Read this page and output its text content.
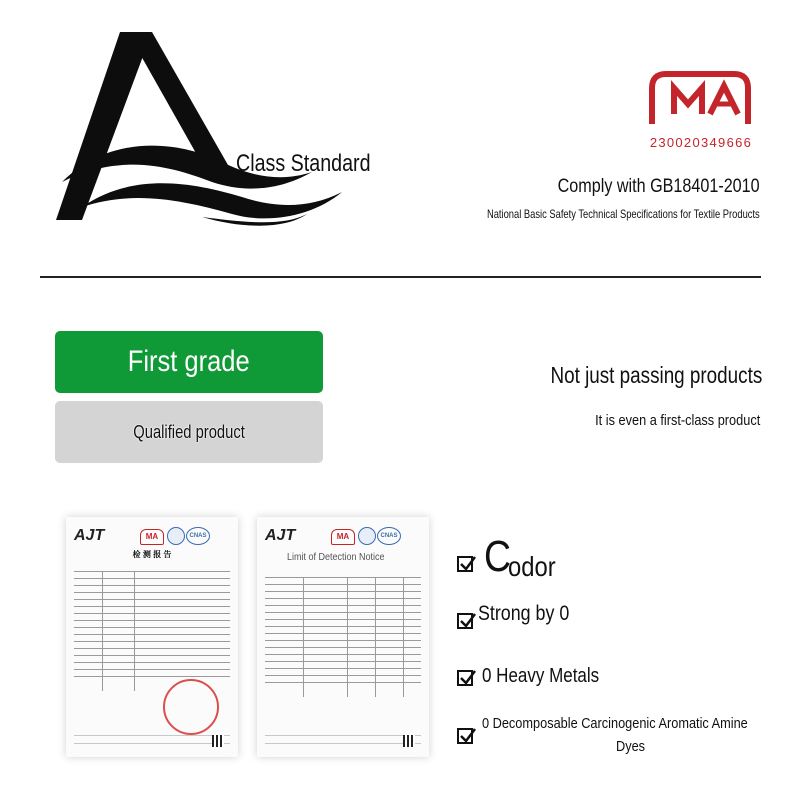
Class Standard
MA
230020349666
Comply with GB18401-2010
National Basic Safety Technical Specifications for Textile Products
First grade
Qualified product
Not just passing products
It is even a first-class product
AJT	MA	CNAS
检 测 报 告
AJT	MA	CNAS
Limit of Detection Notice C
odor
Strong by 0
0 Heavy Metals
0 Decomposable Carcinogenic Aromatic Amine
Dyes
